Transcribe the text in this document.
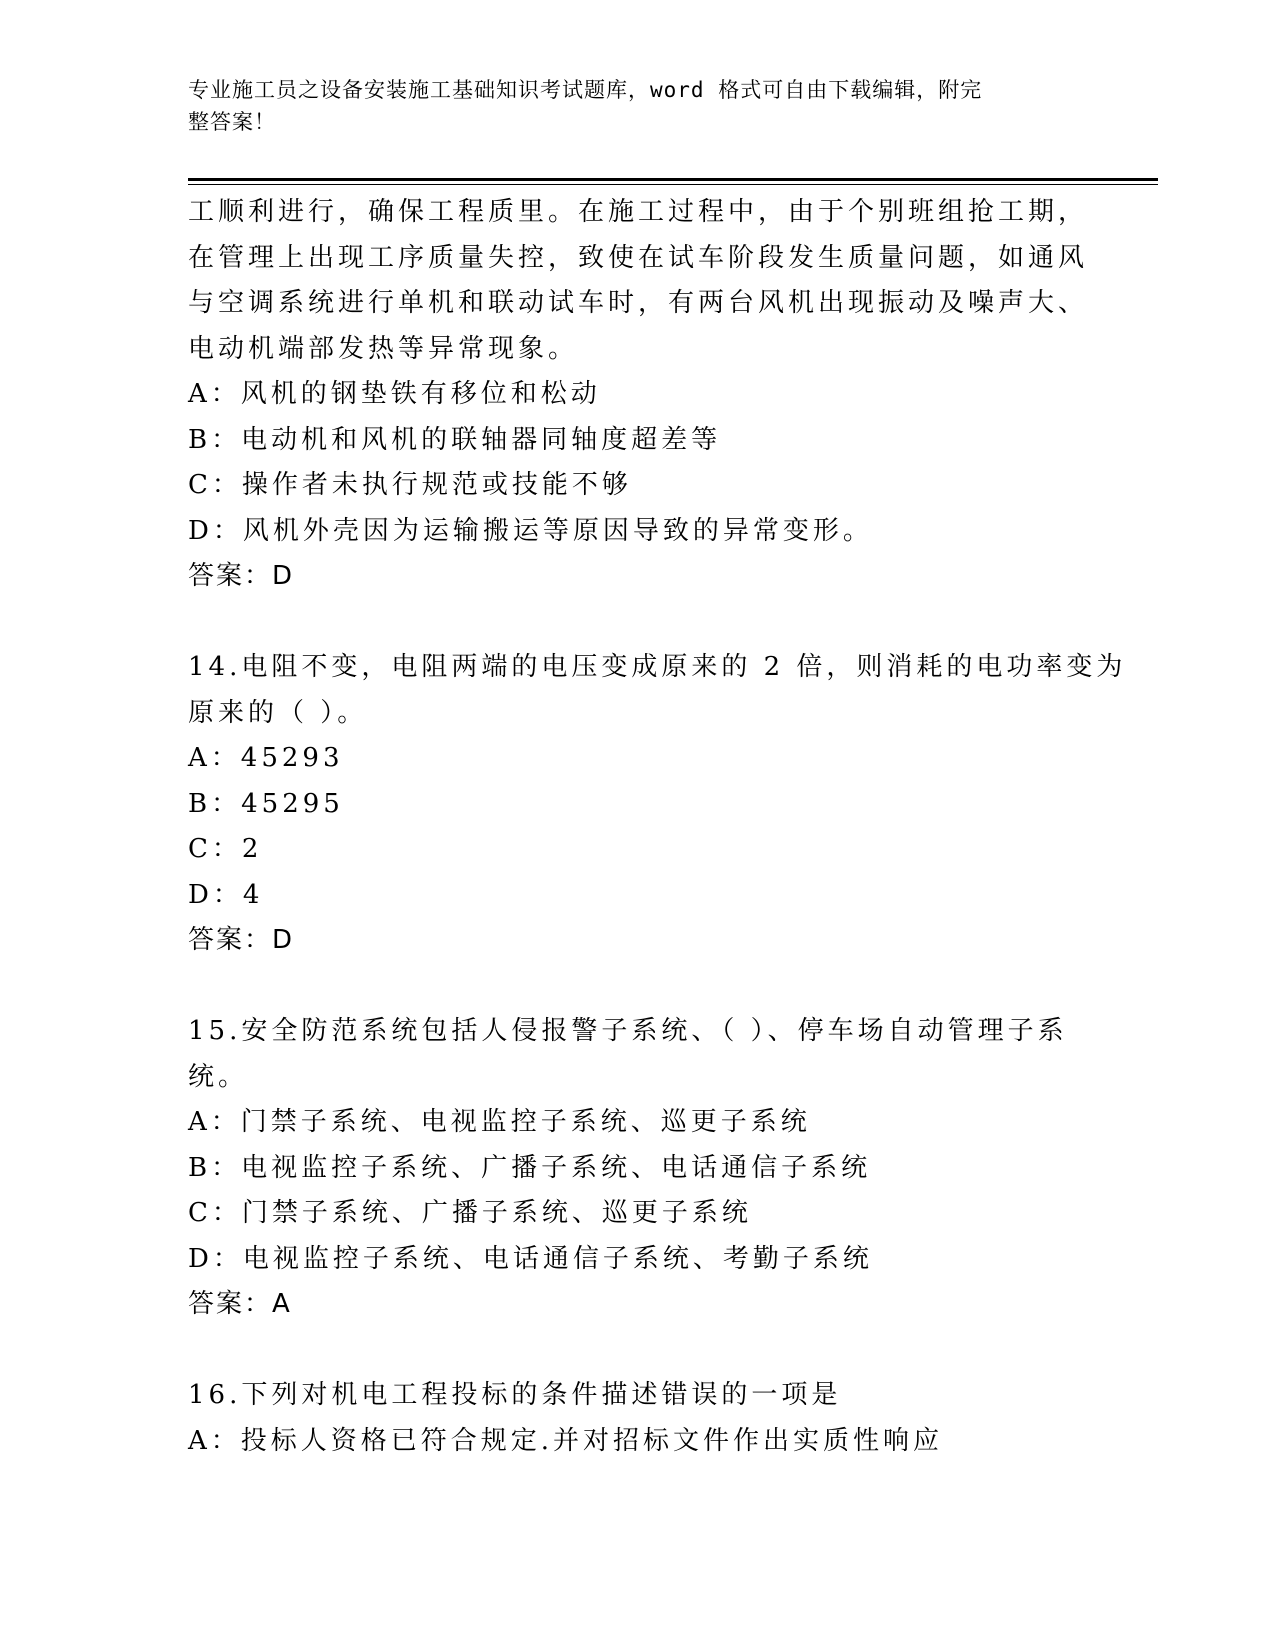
专业施工员之设备安装施工基础知识考试题库，word 格式可自由下载编辑，附完
整答案！
工顺利进行，确保工程质里。在施工过程中，由于个别班组抢工期，
在管理上出现工序质量失控，致使在试车阶段发生质量问题，如通风
与空调系统进行单机和联动试车时，有两台风机出现振动及噪声大、
电动机端部发热等异常现象。
A：风机的钢垫铁有移位和松动
B：电动机和风机的联轴器同轴度超差等
C：操作者未执行规范或技能不够
D：风机外壳因为运输搬运等原因导致的异常变形。
答案：D
14.电阻不变，电阻两端的电压变成原来的 2 倍，则消耗的电功率变为
原来的（ ）。
A：45293
B：45295
C：2
D：4
答案：D
15.安全防范系统包括人侵报警子系统、（ ）、停车场自动管理子系
统。
A：门禁子系统、电视监控子系统、巡更子系统
B：电视监控子系统、广播子系统、电话通信子系统
C：门禁子系统、广播子系统、巡更子系统
D：电视监控子系统、电话通信子系统、考勤子系统
答案：A
16.下列对机电工程投标的条件描述错误的一项是
A：投标人资格已符合规定.并对招标文件作出实质性响应
